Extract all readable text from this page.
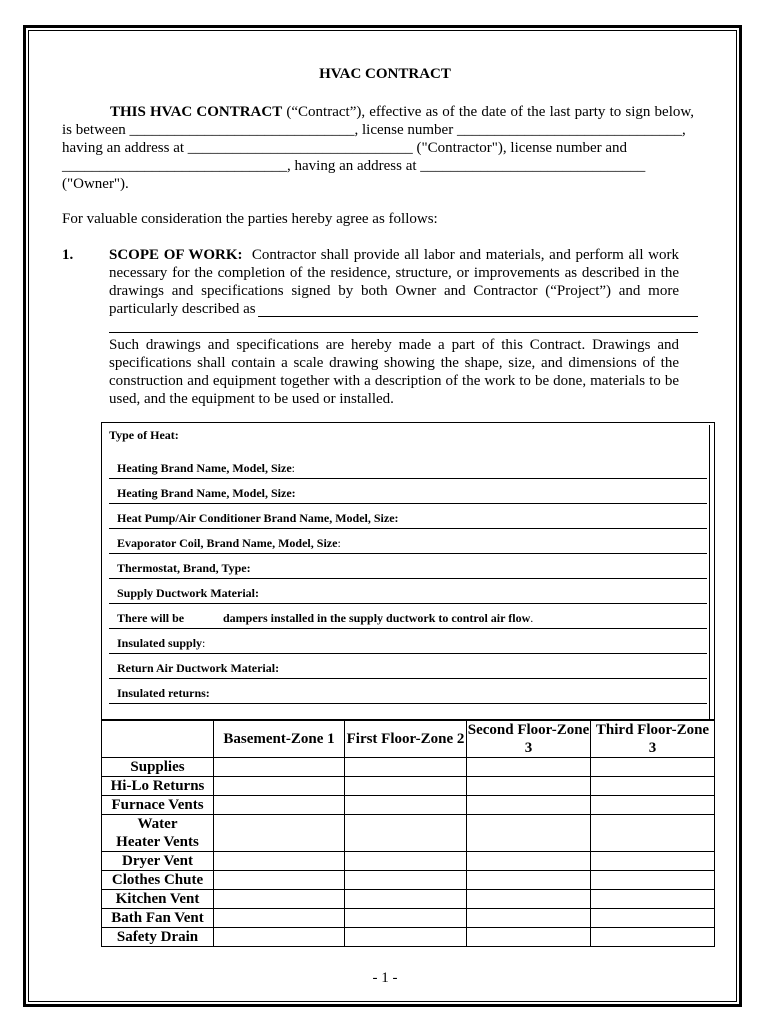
HVAC CONTRACT
THIS HVAC CONTRACT (“Contract”), effective as of the date of the last party to sign below,
is between ______________________________, license number ______________________________,
having an address at ______________________________ ("Contractor"), license number and
______________________________, having an address at ______________________________
("Owner").
For valuable consideration the parties hereby agree as follows:
1. SCOPE OF WORK: Contractor shall provide all labor and materials, and perform all work
necessary for the completion of the residence, structure, or improvements as described in the
drawings and specifications signed by both Owner and Contractor (“Project”) and more
particularly described as
Such drawings and specifications are hereby made a part of this Contract. Drawings and
specifications shall contain a scale drawing showing the shape, size, and dimensions of the
construction and equipment together with a description of the work to be done, materials to be
used, and the equipment to be used or installed.
Type of Heat:
Heating Brand Name, Model, Size:
Heating Brand Name, Model, Size:
Heat Pump/Air Conditioner Brand Name, Model, Size:
Evaporator Coil, Brand Name, Model, Size:
Thermostat, Brand, Type:
Supply Ductwork Material:
There will be	dampers installed in the supply ductwork to control air flow.
Insulated supply:
Return Air Ductwork Material:
Insulated returns:
	Basement-Zone 1	First Floor-Zone 2	Second Floor-Zone 3	Third Floor-Zone 3
Supplies				
Hi-Lo Returns				
Furnace Vents				
Water Heater Vents				
Dryer Vent				
Clothes Chute				
Kitchen Vent				
Bath Fan Vent				
Safety Drain				
- 1 -
